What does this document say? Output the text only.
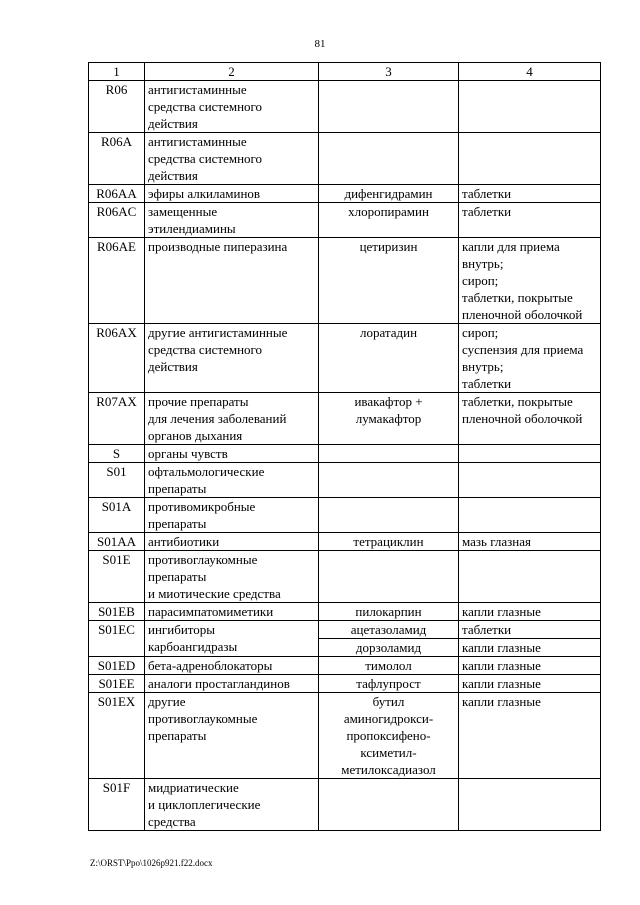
81
1	2	3	4
R06	антигистаминные
средства системного
действия		
R06A	антигистаминные
средства системного
действия		
R06AA	эфиры алкиламинов	дифенгидрамин	таблетки
R06AC	замещенные
этилендиамины	хлоропирамин	таблетки
R06AE	производные пиперазина	цетиризин	капли для приема
внутрь;
сироп;
таблетки, покрытые
пленочной оболочкой
R06AX	другие антигистаминные
средства системного
действия	лоратадин	сироп;
суспензия для приема
внутрь;
таблетки
R07AX	прочие препараты
для лечения заболеваний
органов дыхания	ивакафтор +
лумакафтор	таблетки, покрытые
пленочной оболочкой
S	органы чувств		
S01	офтальмологические
препараты		
S01A	противомикробные
препараты		
S01AA	антибиотики	тетрациклин	мазь глазная
S01E	противоглаукомные
препараты
и миотические средства		
S01EB	парасимпатомиметики	пилокарпин	капли глазные
S01EC	ингибиторы
карбоангидразы	ацетазоламид	таблетки
		дорзоламид	капли глазные
S01ED	бета-адреноблокаторы	тимолол	капли глазные
S01EE	аналоги простагландинов	тафлупрост	капли глазные
S01EX	другие
противоглаукомные
препараты	бутил
аминогидрокси-
пропоксифено-
ксиметил-
метилоксадиазол	капли глазные
S01F	мидриатические
и циклоплегические
средства		
Z:\ORST\Ppo\1026p921.f22.docx
